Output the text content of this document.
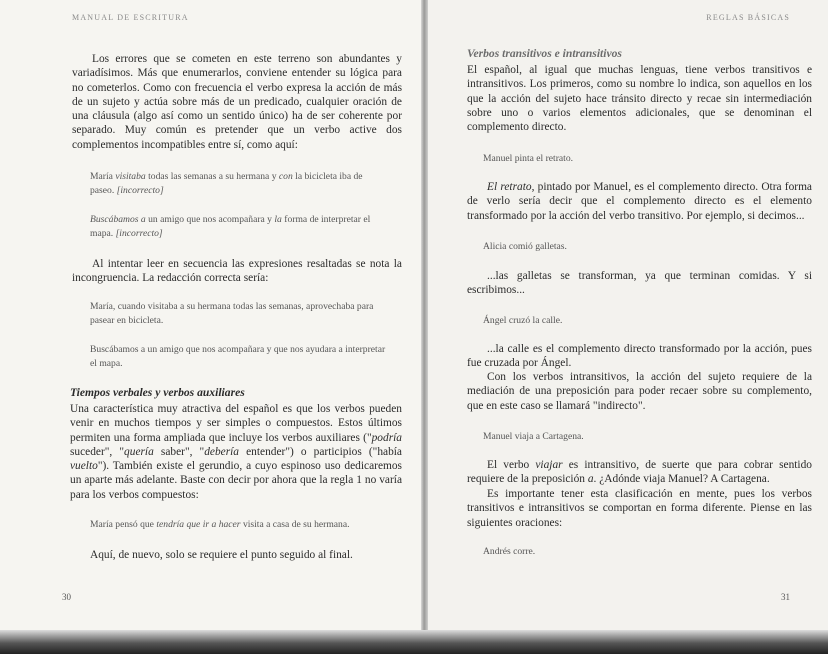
MANUAL DE ESCRITURA

Los errores que se cometen en este terreno son abundantes y variadísimos. Más que enumerarlos, conviene entender su lógica para no cometerlos. Como con frecuencia el verbo expresa la acción de más de un sujeto y actúa sobre más de un predicado, cualquier oración de una cláusula (algo así como un sentido único) ha de ser coherente por separado. Muy común es pretender que un verbo active dos complementos incompatibles entre sí, como aquí:

María visitaba todas las semanas a su hermana y con la bicicleta iba de paseo. [incorrecto]

Buscábamos a un amigo que nos acompañara y la forma de interpretar el mapa. [incorrecto]

Al intentar leer en secuencia las expresiones resaltadas se nota la incongruencia. La redacción correcta sería:

María, cuando visitaba a su hermana todas las semanas, aprovechaba para pasear en bicicleta.

Buscábamos a un amigo que nos acompañara y que nos ayudara a interpretar el mapa.

Tiempos verbales y verbos auxiliares

Una característica muy atractiva del español es que los verbos pueden venir en muchos tiempos y ser simples o compuestos. Estos últimos permiten una forma ampliada que incluye los verbos auxiliares ("podría suceder", "quería saber", "debería entender") o participios ("había vuelto"). También existe el gerundio, a cuyo espinoso uso dedicaremos un aparte más adelante. Baste con decir por ahora que la regla 1 no varía para los verbos compuestos:

María pensó que tendría que ir a hacer visita a casa de su hermana.

Aquí, de nuevo, solo se requiere el punto seguido al final.

30
REGLAS BÁSICAS

Verbos transitivos e intransitivos

El español, al igual que muchas lenguas, tiene verbos transitivos e intransitivos. Los primeros, como su nombre lo indica, son aquellos en los que la acción del sujeto hace tránsito directo y recae sin intermediación sobre uno o varios elementos adicionales, que se denominan el complemento directo.

Manuel pinta el retrato.

El retrato, pintado por Manuel, es el complemento directo. Otra forma de verlo sería decir que el complemento directo es el elemento transformado por la acción del verbo transitivo. Por ejemplo, si decimos...

Alicia comió galletas.

...las galletas se transforman, ya que terminan comidas. Y si escribimos...

Ángel cruzó la calle.

...la calle es el complemento directo transformado por la acción, pues fue cruzada por Ángel.

Con los verbos intransitivos, la acción del sujeto requiere de la mediación de una preposición para poder recaer sobre su complemento, que en este caso se llamará "indirecto".

Manuel viaja a Cartagena.

El verbo viajar es intransitivo, de suerte que para cobrar sentido requiere de la preposición a. ¿Adónde viaja Manuel? A Cartagena.

Es importante tener esta clasificación en mente, pues los verbos transitivos e intransitivos se comportan en forma diferente. Piense en las siguientes oraciones:

Andrés corre.

31
